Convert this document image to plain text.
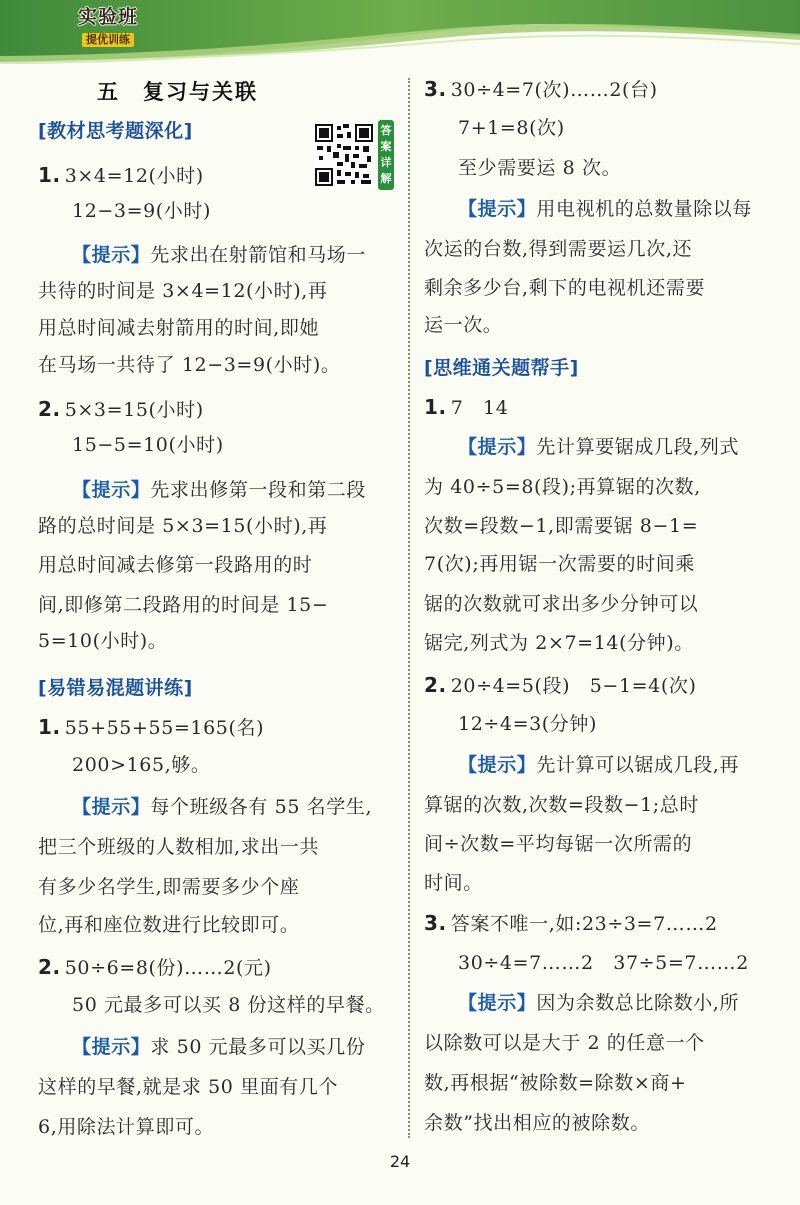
实验班
提优训练
五　复习与关联
答案详解
[教材思考题深化]
1. 3×4=12(小时)
12−3=9(小时)
【提示】先求出在射箭馆和马场一
共待的时间是 3×4=12(小时),再
用总时间减去射箭用的时间,即她
在马场一共待了 12−3=9(小时)。
2. 5×3=15(小时)
15−5=10(小时)
【提示】先求出修第一段和第二段
路的总时间是 5×3=15(小时),再
用总时间减去修第一段路用的时
间,即修第二段路用的时间是 15−
5=10(小时)。
[易错易混题讲练]
1. 55+55+55=165(名)
200>165,够。
【提示】每个班级各有 55 名学生,
把三个班级的人数相加,求出一共
有多少名学生,即需要多少个座
位,再和座位数进行比较即可。
2. 50÷6=8(份)……2(元)
50 元最多可以买 8 份这样的早餐。
【提示】求 50 元最多可以买几份
这样的早餐,就是求 50 里面有几个
6,用除法计算即可。
3. 30÷4=7(次)……2(台)
7+1=8(次)
至少需要运 8 次。
【提示】用电视机的总数量除以每
次运的台数,得到需要运几次,还
剩余多少台,剩下的电视机还需要
运一次。
[思维通关题帮手]
1. 7　14
【提示】先计算要锯成几段,列式
为 40÷5=8(段);再算锯的次数,
次数=段数−1,即需要锯 8−1=
7(次);再用锯一次需要的时间乘
锯的次数就可求出多少分钟可以
锯完,列式为 2×7=14(分钟)。
2. 20÷4=5(段)　5−1=4(次)
12÷4=3(分钟)
【提示】先计算可以锯成几段,再
算锯的次数,次数=段数−1;总时
间÷次数=平均每锯一次所需的
时间。
3. 答案不唯一,如:23÷3=7……2
30÷4=7……2　37÷5=7……2
【提示】因为余数总比除数小,所
以除数可以是大于 2 的任意一个
数,再根据“被除数=除数×商+
余数”找出相应的被除数。
24
